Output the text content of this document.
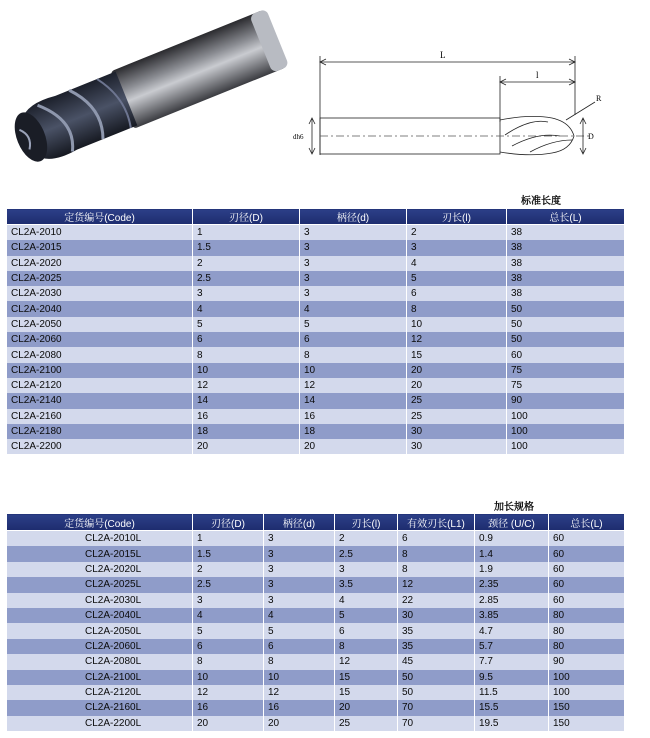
L
l
R
D
dh6
标准长度
定货编号(Code)	刃径(D)	柄径(d)	刃长(l)	总长(L)
CL2A-2010	1	3	2	38
CL2A-2015	1.5	3	3	38
CL2A-2020	2	3	4	38
CL2A-2025	2.5	3	5	38
CL2A-2030	3	3	6	38
CL2A-2040	4	4	8	50
CL2A-2050	5	5	10	50
CL2A-2060	6	6	12	50
CL2A-2080	8	8	15	60
CL2A-2100	10	10	20	75
CL2A-2120	12	12	20	75
CL2A-2140	14	14	25	90
CL2A-2160	16	16	25	100
CL2A-2180	18	18	30	100
CL2A-2200	20	20	30	100
加长规格
定货编号(Code)	刃径(D)	柄径(d)	刃长(l)	有效刃长(L1)	颈径 (U/C)	总长(L)
CL2A-2010L	1	3	2	6	0.9	60
CL2A-2015L	1.5	3	2.5	8	1.4	60
CL2A-2020L	2	3	3	8	1.9	60
CL2A-2025L	2.5	3	3.5	12	2.35	60
CL2A-2030L	3	3	4	22	2.85	60
CL2A-2040L	4	4	5	30	3.85	80
CL2A-2050L	5	5	6	35	4.7	80
CL2A-2060L	6	6	8	35	5.7	80
CL2A-2080L	8	8	12	45	7.7	90
CL2A-2100L	10	10	15	50	9.5	100
CL2A-2120L	12	12	15	50	11.5	100
CL2A-2160L	16	16	20	70	15.5	150
CL2A-2200L	20	20	25	70	19.5	150
